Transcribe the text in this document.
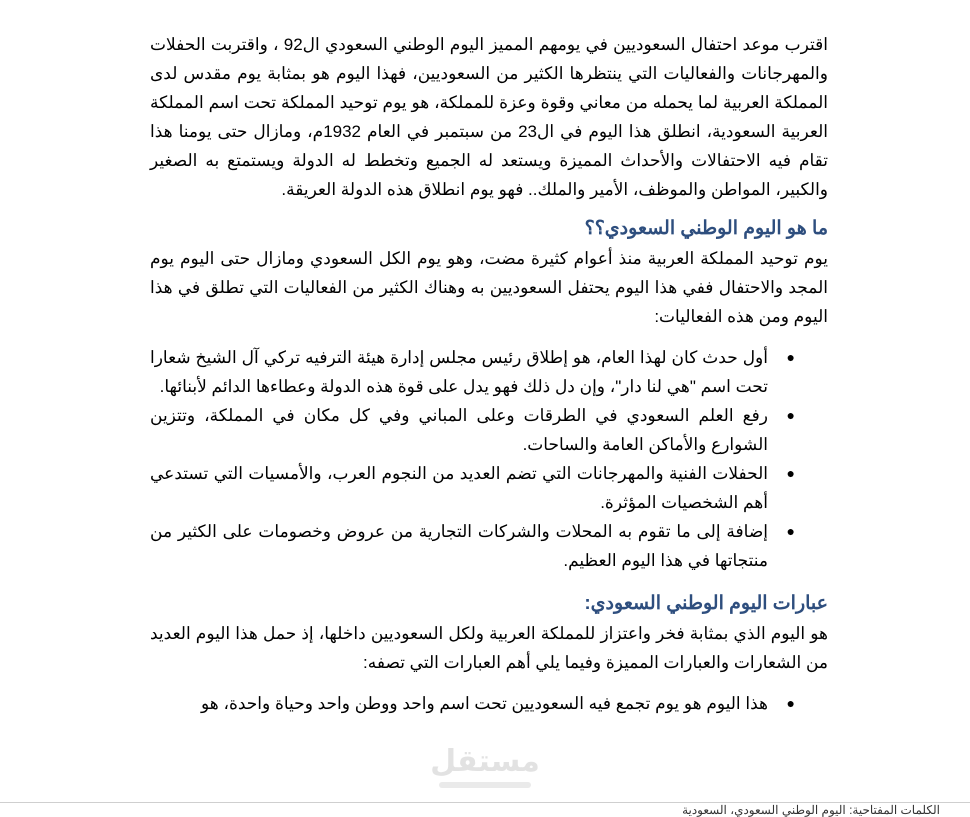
اقترب موعد احتفال السعوديين في يومهم المميز اليوم الوطني السعودي ال92 ، واقتربت الحفلات والمهرجانات والفعاليات التي ينتظرها الكثير من السعوديين، فهذا اليوم هو بمثابة يوم مقدس لدى المملكة العربية لما يحمله من معاني وقوة وعزة للمملكة، هو يوم توحيد المملكة تحت اسم المملكة العربية السعودية، انطلق هذا اليوم في ال23 من سبتمبر في العام 1932م، ومازال حتى يومنا هذا تقام فيه الاحتفالات والأحداث المميزة ويستعد له الجميع وتخطط له الدولة ويستمتع به الصغير والكبير، المواطن والموظف، الأمير والملك.. فهو يوم انطلاق هذه الدولة العريقة.

ما هو اليوم الوطني السعودي؟؟

يوم توحيد المملكة العربية منذ أعوام كثيرة مضت، وهو يوم الكل السعودي ومازال حتى اليوم يوم المجد والاحتفال ففي هذا اليوم يحتفل السعوديين به وهناك الكثير من الفعاليات التي تطلق في هذا اليوم ومن هذه الفعاليات:

●
أول حدث كان لهذا العام، هو إطلاق رئيس مجلس إدارة هيئة الترفيه تركي آل الشيخ شعارا تحت اسم "هي لنا دار"، وإن دل ذلك فهو يدل على قوة هذه الدولة وعطاءها الدائم لأبنائها.
●
رفع العلم السعودي في الطرقات وعلى المباني وفي كل مكان في المملكة، وتتزين الشوارع والأماكن العامة والساحات.
●
الحفلات الفنية والمهرجانات التي تضم العديد من النجوم العرب، والأمسيات التي تستدعي أهم الشخصيات المؤثرة.
●
إضافة إلى ما تقوم به المحلات والشركات التجارية من عروض وخصومات على الكثير من منتجاتها في هذا اليوم العظيم.
عبارات اليوم الوطني السعودي:

هو اليوم الذي بمثابة فخر واعتزاز للمملكة العربية ولكل السعوديين داخلها، إذ حمل هذا اليوم العديد من الشعارات والعبارات المميزة وفيما يلي أهم العبارات التي تصفه:

●
هذا اليوم هو يوم تجمع فيه السعوديين تحت اسم واحد ووطن واحد وحياة واحدة، هو
مستقل
الكلمات المفتاحية: اليوم الوطني السعودي، السعودية
